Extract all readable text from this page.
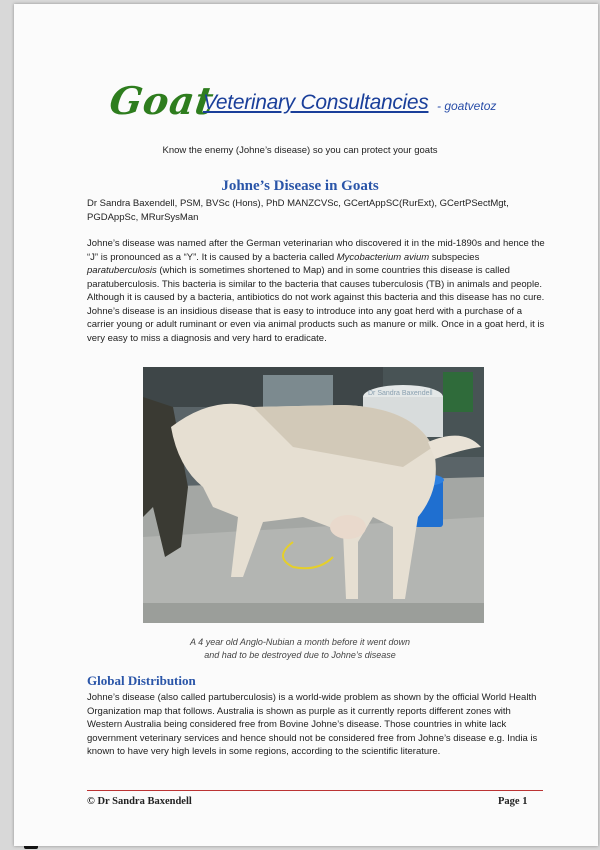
Goat
Veterinary Consultancies - goatvetoz
Know the enemy (Johne’s disease) so you can protect your goats
Johne’s Disease in Goats
Dr Sandra Baxendell, PSM, BVSc (Hons), PhD MANZCVSc, GCertAppSC(RurExt), GCertPSectMgt, PGDAppSc, MRurSysMan
Johne’s disease was named after the German veterinarian who discovered it in the mid-1890s and hence the “J” is pronounced as a “Y”. It is caused by a bacteria called Mycobacterium avium subspecies paratuberculosis (which is sometimes shortened to Map) and in some countries this disease is called paratuberculosis. This bacteria is similar to the bacteria that causes tuberculosis (TB) in animals and people. Although it is caused by a bacteria, antibiotics do not work against this bacteria and this disease has no cure. Johne’s disease is an insidious disease that is easy to introduce into any goat herd with a purchase of a carrier young or adult ruminant or even via animal products such as manure or milk. Once in a goat herd, it is very easy to miss a diagnosis and very hard to eradicate.
Dr Sandra Baxendell
A 4 year old Anglo-Nubian a month before it went down
and had to be destroyed due to Johne’s disease
Global Distribution
Johne’s disease (also called partuberculosis) is a world-wide problem as shown by the official World Health Organization map that follows. Australia is shown as purple as it currently reports different zones with Western Australia being considered free from Bovine Johne’s disease. Those countries in white lack government veterinary services and hence should not be considered free from Johne’s disease e.g. India is known to have very high levels in some regions, according to the scientific literature.
© Dr Sandra Baxendell	Page 1
